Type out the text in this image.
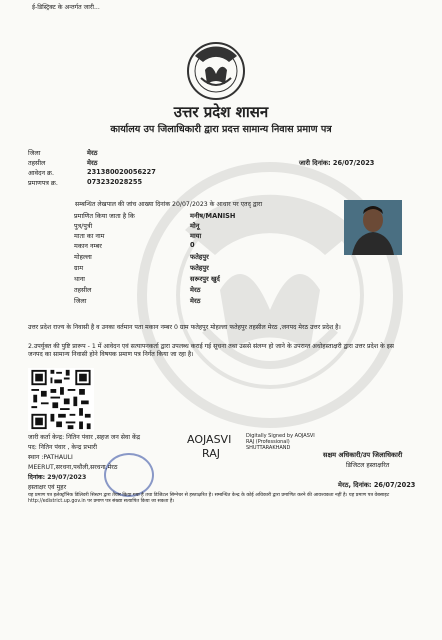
ई-डिस्ट्रिक्ट के अन्तर्गत जारी...
उत्तर प्रदेश शासन
कार्यालय उप जिलाधिकारी द्वारा प्रदत्त सामान्य निवास प्रमाण पत्र
जिला	मेरठ
तहसील	मेरठ
आवेदन क्र.	231380020056227
प्रमाणपत्र क्र.	073232028255
जारी दिनांक: 26/07/2023
सम्बन्धित लेखपाल की जांच आख्या दिनांक 20/07/2023 के आधार पर एतद् द्वारा
प्रमाणित किया जाता है कि	मनीष/MANISH
पुत्र/पुत्री	मोनू
माता का नाम	माया
मकान नम्बर	0
मोहल्ला	फतेहपुर
ग्राम	फतेहपुर
थाना	सरूरपुर खुर्द
तहसील	मेरठ
जिला	मेरठ
उत्तर प्रदेश राज्य के निवासी है व उनका वर्तमान पता मकान नम्बर 0 ग्राम फतेहपुर मोहल्ला फतेहपुर तहसील मेरठ ,जनपद मेरठ उत्तर प्रदेश है।
2.उपर्युक्त की पुष्टि प्रारूप - 1 में आवेदन एवं सत्यापनकर्ता द्वारा उपलब्ध कराई गई सूचना तथा उससे संलग्न हो जाने के उपरान्त अधोहस्ताक्षरी द्वारा उत्तर प्रदेश के इस जनपद का सामान्य निवासी होने विषयक प्रमाण पत्र निर्गत किया जा रहा है।
जारी कर्ता केन्द्र: नितिन पंवार ,सहज जन सेवा केंद्र
पद: नितिन पंवार , केन्द्र प्रभारी
स्थान :PATHAULI
MEERUT,सरधना,पथौली,सरधना,मेरठ
दिनांक: 29/07/2023
हस्ताक्षर एवं मुहर
AOJASVI
RAJ
Digitally Signed by AOJASVI
RAJ (Professional)
SHUTTARAKHAND
सक्षम अधिकारी/उप जिलाधिकारी
डिजिटल हस्ताक्षरित
मेरठ, दिनांक: 26/07/2023
यह प्रमाण पत्र इलेक्ट्रॉनिक डिलिवरी सिस्टम द्वारा तैयार किया गया है तथा डिजिटल सिग्नेचर से हस्ताक्षरित है। सम्बन्धित केन्द्र के कोई अधिकारी द्वारा प्रमाणित करने की आवश्यकता नहीं है। यह प्रमाण पत्र वेबसाइट http://edistrict.up.gov.in पर प्रमाण पत्र संख्या सत्यापित किया जा सकता है।
